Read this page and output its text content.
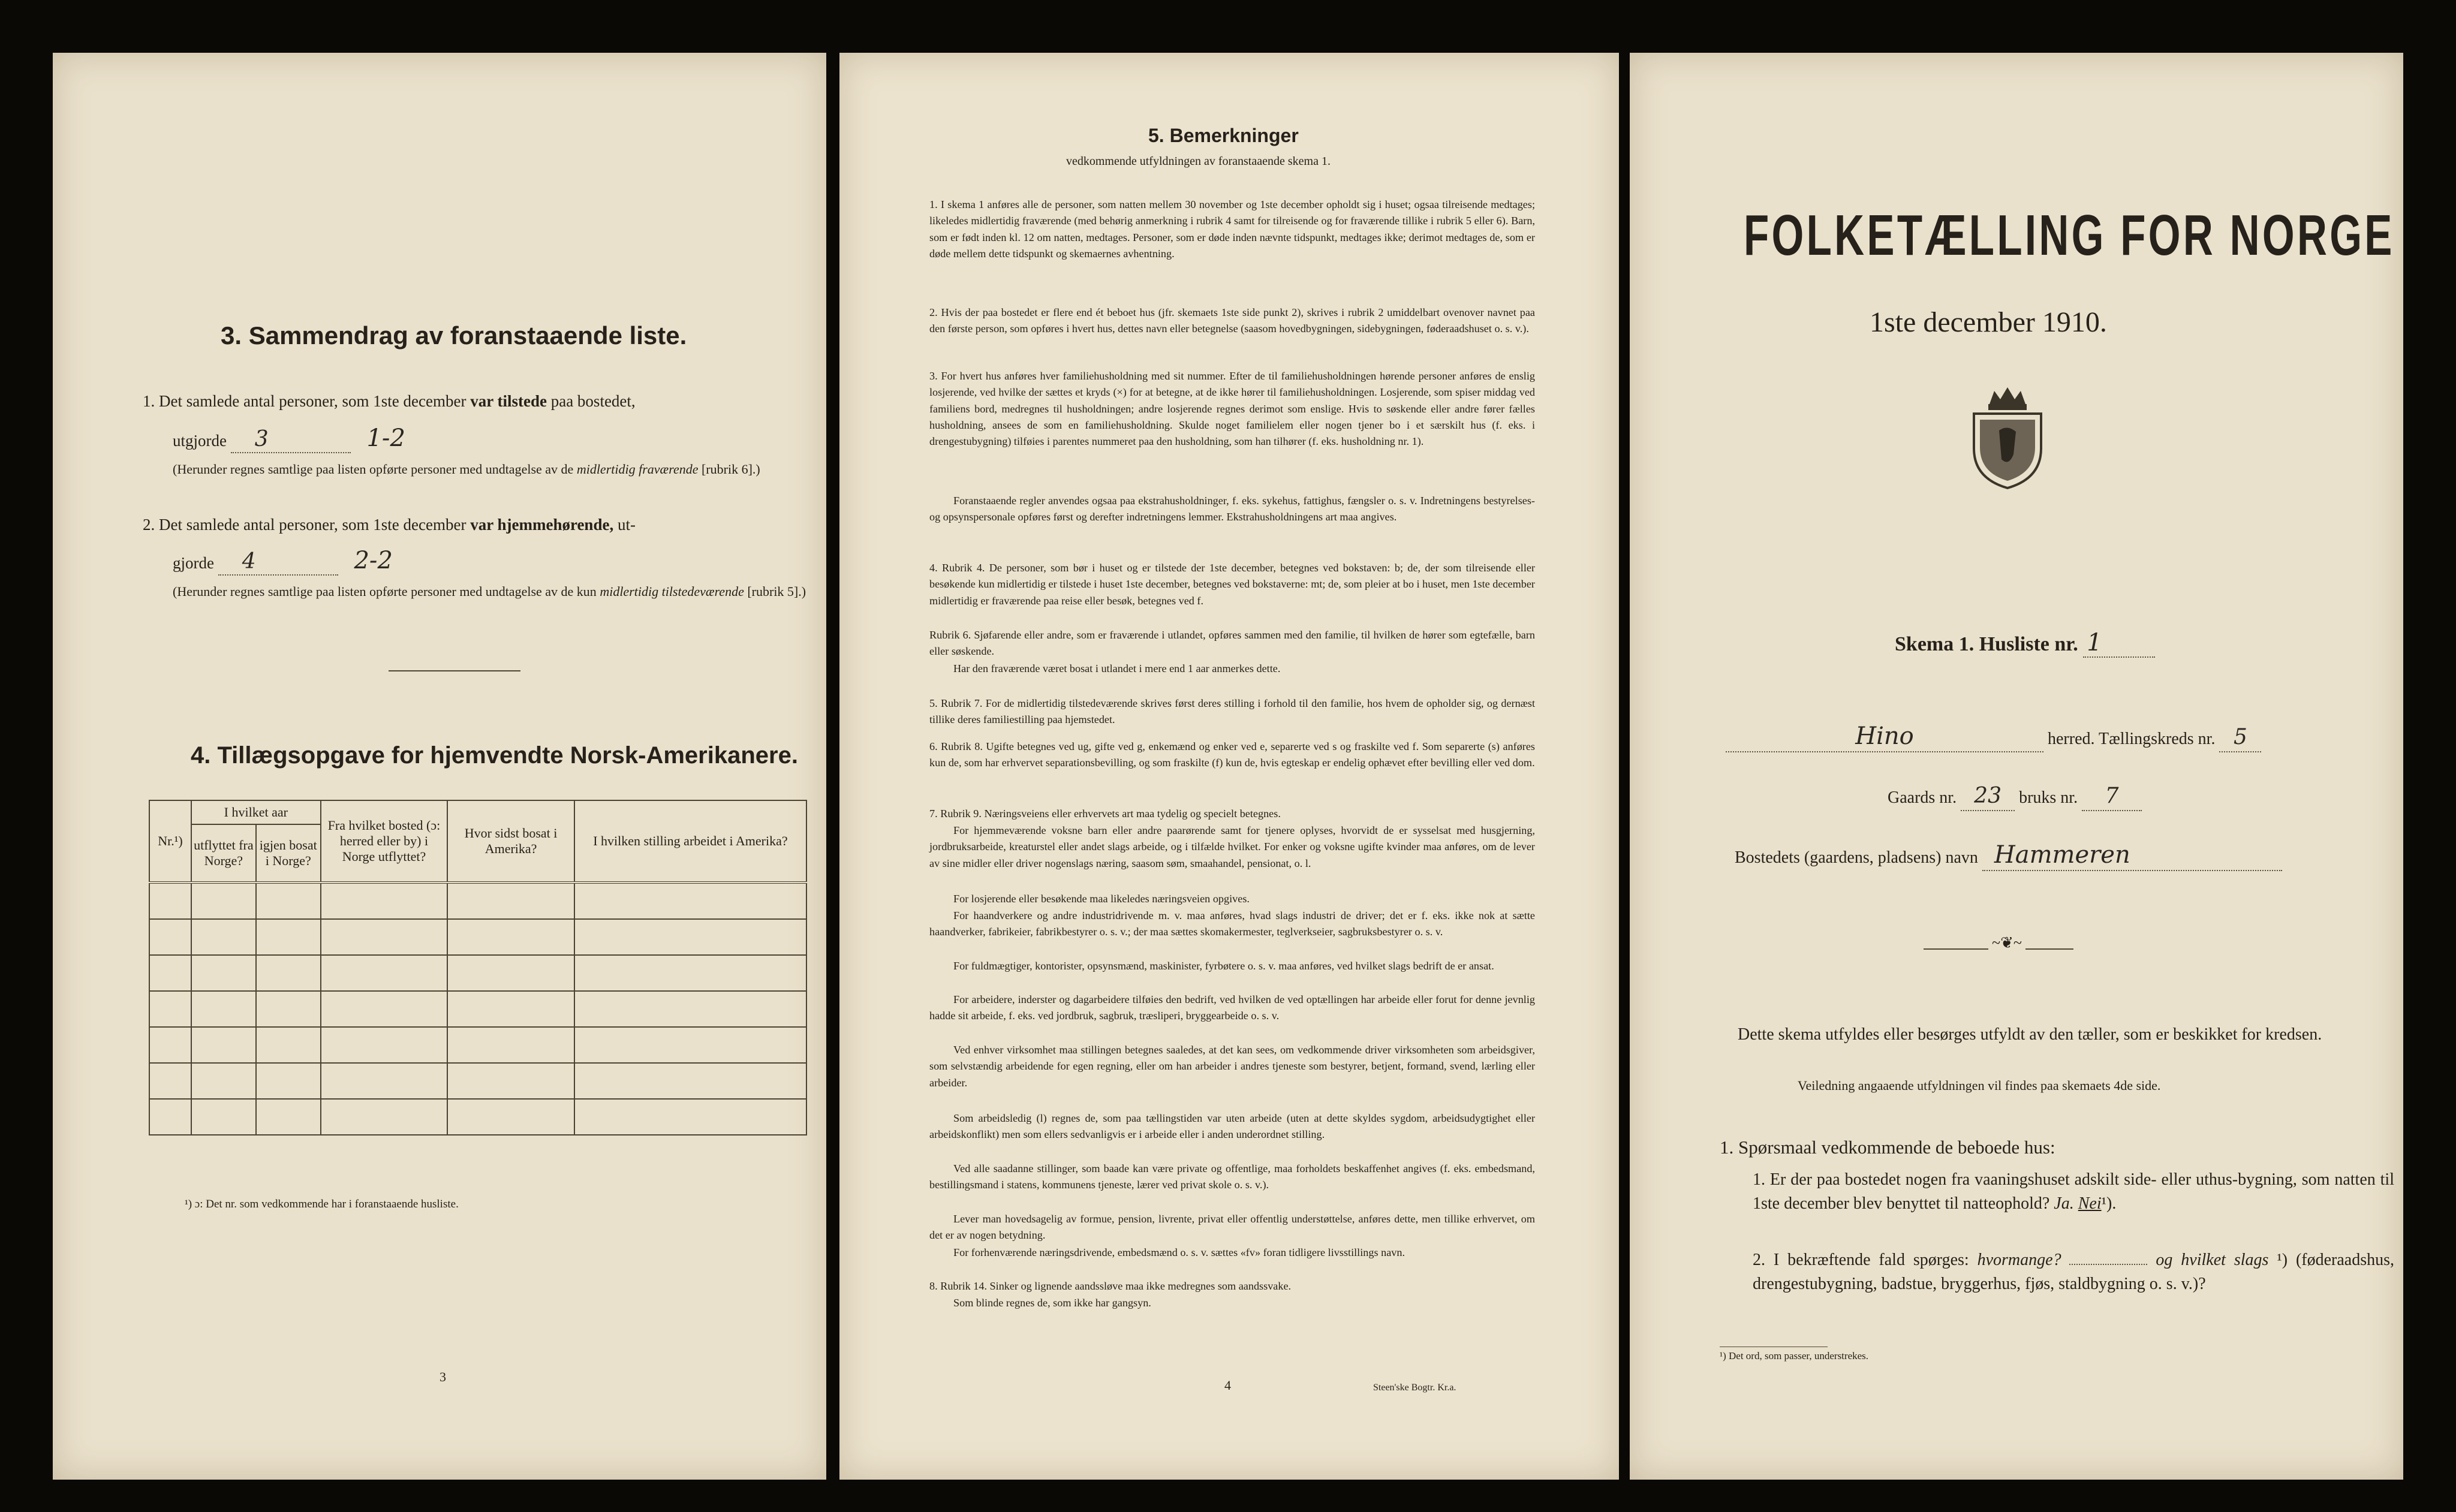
3. Sammendrag av foranstaaende liste.
1. Det samlede antal personer, som 1ste december var tilstede paa bostedet,
utgjorde 3	1-2
(Herunder regnes samtlige paa listen opførte personer med undtagelse av de midlertidig fraværende [rubrik 6].)
2. Det samlede antal personer, som 1ste december var hjemmehørende, ut-
gjorde 4	2-2
(Herunder regnes samtlige paa listen opførte personer med undtagelse av de kun midlertidig tilstedeværende [rubrik 5].)
4. Tillægsopgave for hjemvendte Norsk-Amerikanere.
Nr.¹)	I hvilket aar		Fra hvilket bosted (ɔ: herred eller by) i Norge utflyttet?	Hvor sidst bosat i Amerika?	I hvilken stilling arbeidet i Amerika?
	utflyttet fra Norge?	igjen bosat i Norge?			

¹) ɔ: Det nr. som vedkommende har i foranstaaende husliste.
3
5. Bemerkninger
vedkommende utfyldningen av foranstaaende skema 1.
1. I skema 1 anføres alle de personer, som natten mellem 30 november og 1ste december opholdt sig i huset; ogsaa tilreisende medtages; likeledes midlertidig fraværende (med behørig anmerkning i rubrik 4 samt for tilreisende og for fraværende tillike i rubrik 5 eller 6). Barn, som er født inden kl. 12 om natten, medtages. Personer, som er døde inden nævnte tidspunkt, medtages ikke; derimot medtages de, som er døde mellem dette tidspunkt og skemaernes avhentning.
2. Hvis der paa bostedet er flere end ét beboet hus (jfr. skemaets 1ste side punkt 2), skrives i rubrik 2 umiddelbart ovenover navnet paa den første person, som opføres i hvert hus, dettes navn eller betegnelse (saasom hovedbygningen, sidebygningen, føderaadshuset o. s. v.).
3. For hvert hus anføres hver familiehusholdning med sit nummer. Efter de til familiehusholdningen hørende personer anføres de enslig losjerende, ved hvilke der sættes et kryds (×) for at betegne, at de ikke hører til familiehusholdningen. Losjerende, som spiser middag ved familiens bord, medregnes til husholdningen; andre losjerende regnes derimot som enslige. Hvis to søskende eller andre fører fælles husholdning, ansees de som en familiehusholdning. Skulde noget familielem eller nogen tjener bo i et særskilt hus (f. eks. i drengestubygning) tilføies i parentes nummeret paa den husholdning, som han tilhører (f. eks. husholdning nr. 1).
Foranstaaende regler anvendes ogsaa paa ekstrahusholdninger, f. eks. sykehus, fattighus, fængsler o. s. v. Indretningens bestyrelses- og opsynspersonale opføres først og derefter indretningens lemmer. Ekstrahusholdningens art maa angives.
4. Rubrik 4. De personer, som bør i huset og er tilstede der 1ste december, betegnes ved bokstaven: b; de, der som tilreisende eller besøkende kun midlertidig er tilstede i huset 1ste december, betegnes ved bokstaverne: mt; de, som pleier at bo i huset, men 1ste december midlertidig er fraværende paa reise eller besøk, betegnes ved f.
Rubrik 6. Sjøfarende eller andre, som er fraværende i utlandet, opføres sammen med den familie, til hvilken de hører som egtefælle, barn eller søskende.
Har den fraværende været bosat i utlandet i mere end 1 aar anmerkes dette.
5. Rubrik 7. For de midlertidig tilstedeværende skrives først deres stilling i forhold til den familie, hos hvem de opholder sig, og dernæst tillike deres familiestilling paa hjemstedet.
6. Rubrik 8. Ugifte betegnes ved ug, gifte ved g, enkemænd og enker ved e, separerte ved s og fraskilte ved f. Som separerte (s) anføres kun de, som har erhvervet separationsbevilling, og som fraskilte (f) kun de, hvis egteskap er endelig ophævet efter bevilling eller ved dom.
7. Rubrik 9. Næringsveiens eller erhvervets art maa tydelig og specielt betegnes.
For hjemmeværende voksne barn eller andre paarørende samt for tjenere oplyses, hvorvidt de er sysselsat med husgjerning, jordbruksarbeide, kreaturstel eller andet slags arbeide, og i tilfælde hvilket. For enker og voksne ugifte kvinder maa anføres, om de lever av sine midler eller driver nogenslags næring, saasom søm, smaahandel, pensionat, o. l.
For losjerende eller besøkende maa likeledes næringsveien opgives.
For haandverkere og andre industridrivende m. v. maa anføres, hvad slags industri de driver; det er f. eks. ikke nok at sætte haandverker, fabrikeier, fabrikbestyrer o. s. v.; der maa sættes skomakermester, teglverkseier, sagbruksbestyrer o. s. v.
For fuldmægtiger, kontorister, opsynsmænd, maskinister, fyrbøtere o. s. v. maa anføres, ved hvilket slags bedrift de er ansat.
For arbeidere, inderster og dagarbeidere tilføies den bedrift, ved hvilken de ved optællingen har arbeide eller forut for denne jevnlig hadde sit arbeide, f. eks. ved jordbruk, sagbruk, træsliperi, bryggearbeide o. s. v.
Ved enhver virksomhet maa stillingen betegnes saaledes, at det kan sees, om vedkommende driver virksomheten som arbeidsgiver, som selvstændig arbeidende for egen regning, eller om han arbeider i andres tjeneste som bestyrer, betjent, formand, svend, lærling eller arbeider.
Som arbeidsledig (l) regnes de, som paa tællingstiden var uten arbeide (uten at dette skyldes sygdom, arbeidsudygtighet eller arbeidskonflikt) men som ellers sedvanligvis er i arbeide eller i anden underordnet stilling.
Ved alle saadanne stillinger, som baade kan være private og offentlige, maa forholdets beskaffenhet angives (f. eks. embedsmand, bestillingsmand i statens, kommunens tjeneste, lærer ved privat skole o. s. v.).
Lever man hovedsagelig av formue, pension, livrente, privat eller offentlig understøttelse, anføres dette, men tillike erhvervet, om det er av nogen betydning.
For forhenværende næringsdrivende, embedsmænd o. s. v. sættes «fv» foran tidligere livsstillings navn.
8. Rubrik 14. Sinker og lignende aandssløve maa ikke medregnes som aandssvake.
Som blinde regnes de, som ikke har gangsyn.
4	Steen'ske Bogtr. Kr.a.
FOLKETÆLLING FOR NORGE
1ste december 1910.
Skema 1. Husliste nr. 1
Hino	herred. Tællingskreds nr. 5
Gaards nr. 23 bruks nr. 7
Bostedets (gaardens, pladsens) navn Hammeren
~❦~
Dette skema utfyldes eller besørges utfyldt av den tæller, som er beskikket for kredsen.
Veiledning angaaende utfyldningen vil findes paa skemaets 4de side.
1. Spørsmaal vedkommende de beboede hus:
1. Er der paa bostedet nogen fra vaaningshuset adskilt side- eller uthus-bygning, som natten til 1ste december blev benyttet til natteophold? Ja. Nei¹).
2. I bekræftende fald spørges: hvormange?	og hvilket slags ¹) (føderaadshus, drengestubygning, badstue, bryggerhus, fjøs, staldbygning o. s. v.)?
¹) Det ord, som passer, understrekes.
